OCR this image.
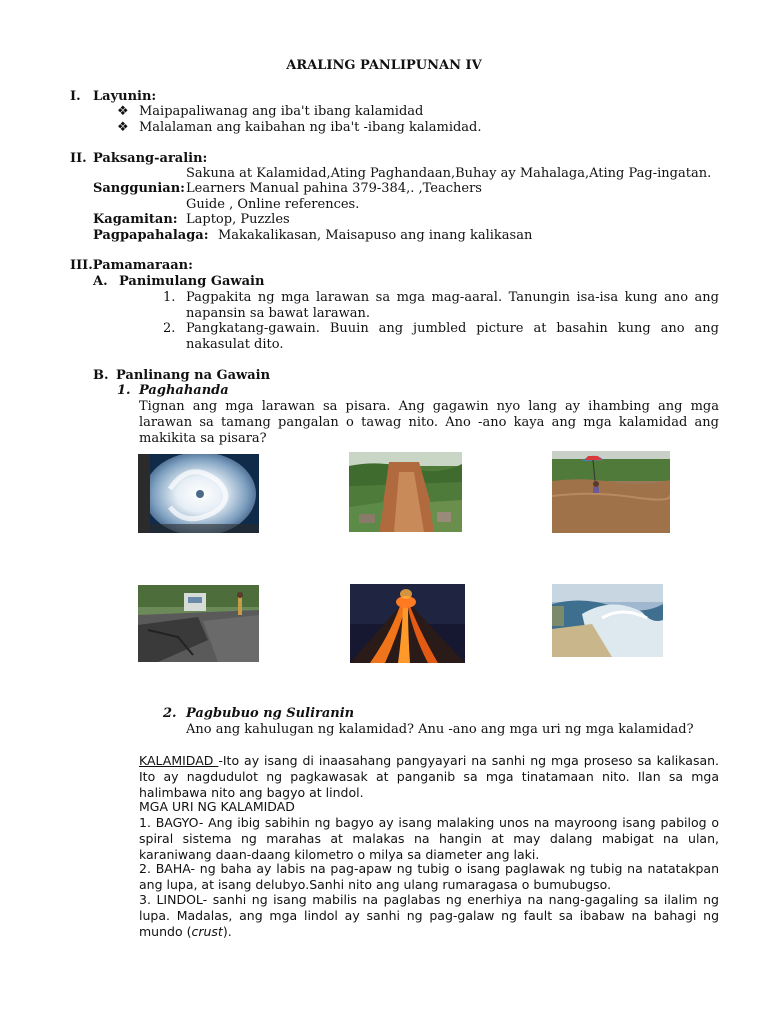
ARALING PANLIPUNAN IV
I. Layunin:
❖ Maipapaliwanag ang iba't ibang kalamidad
❖ Malalaman ang kaibahan ng iba't -ibang kalamidad.
II. Paksang-aralin:
Sakuna at Kalamidad,Ating Paghandaan,Buhay ay Mahalaga,Ating Pag-ingatan.
Sanggunian: Learners Manual pahina 379-384,. ,Teachers
Guide , Online references.
Kagamitan: Laptop, Puzzles
Pagpapahalaga: Makakalikasan, Maisapuso ang inang kalikasan
III.Pamamaraan:
A. Panimulang Gawain
1. Pagpakita ng mga larawan sa mga mag-aaral. Tanungin isa-isa kung ano ang napansin sa bawat larawan.
2. Pangkatang-gawain. Buuin ang jumbled picture at basahin kung ano ang nakasulat dito.
B. Panlinang na Gawain
1. Paghahanda
Tignan ang mga larawan sa pisara. Ang gagawin nyo lang ay ihambing ang mga larawan sa tamang pangalan o tawag nito. Ano -ano kaya ang mga kalamidad ang makikita sa pisara?
2. Pagbubuo ng Suliranin
Ano ang kahulugan ng kalamidad? Anu -ano ang mga uri ng mga kalamidad?
KALAMIDAD -Ito ay isang di inaasahang pangyayari na sanhi ng mga proseso sa kalikasan. Ito ay nagdudulot ng pagkawasak at panganib sa mga tinatamaan nito. Ilan sa mga halimbawa nito ang bagyo at lindol.
MGA URI NG KALAMIDAD
1. BAGYO- Ang ibig sabihin ng bagyo ay isang malaking unos na mayroong isang pabilog o spiral sistema ng marahas at malakas na hangin at may dalang mabigat na ulan, karaniwang daan-daang kilometro o milya sa diameter ang laki.
2. BAHA- ng baha ay labis na pag-apaw ng tubig o isang paglawak ng tubig na natatakpan ang lupa, at isang delubyo.Sanhi nito ang ulang rumaragasa o bumubugso.
3. LINDOL- sanhi ng isang mabilis na paglabas ng enerhiya na nang-gagaling sa ilalim ng lupa. Madalas, ang mga lindol ay sanhi ng pag-galaw ng fault sa ibabaw na bahagi ng mundo (crust).
